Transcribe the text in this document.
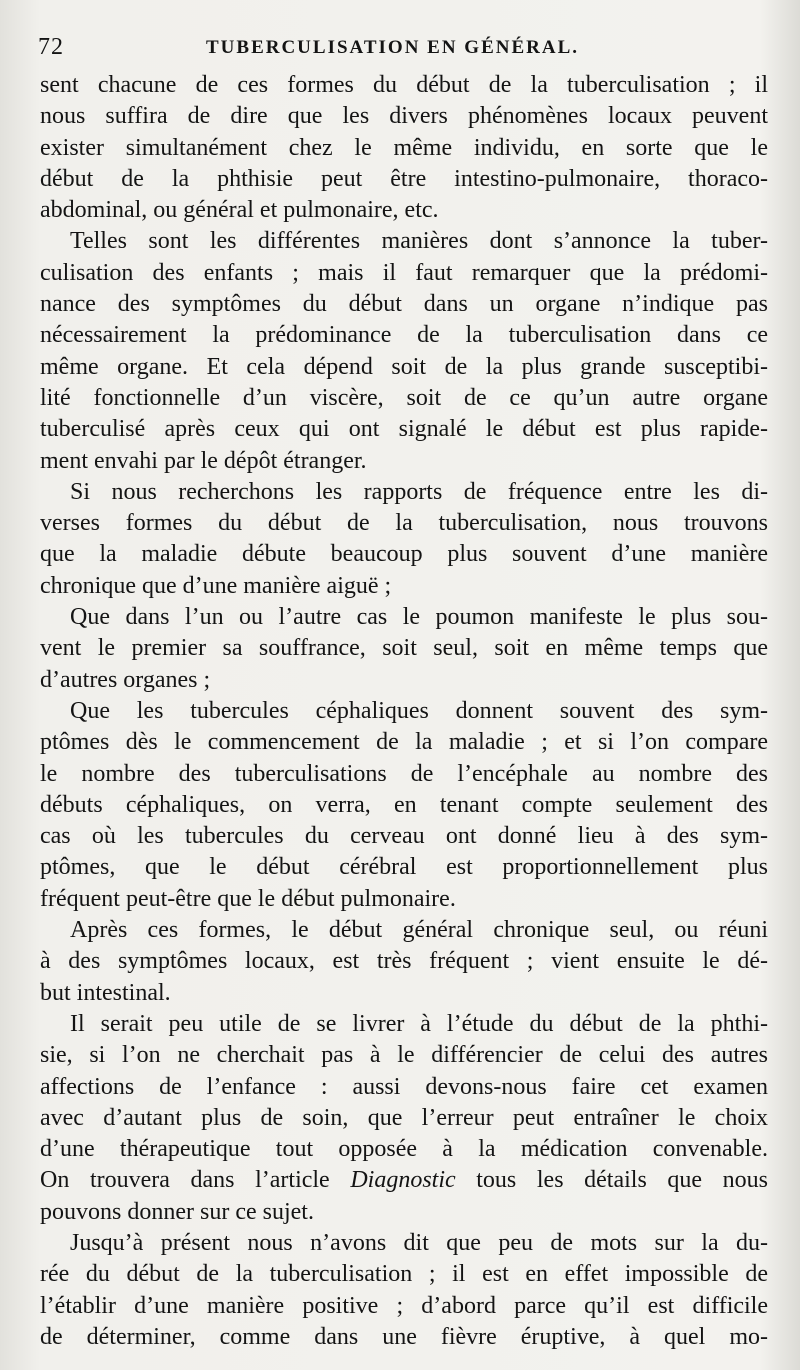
72	TUBERCULISATION EN GÉNÉRAL.
sent chacune de ces formes du début de la tuberculisation ; il
nous suffira de dire que les divers phénomènes locaux peuvent
exister simultanément chez le même individu, en sorte que le
début de la phthisie peut être intestino-pulmonaire, thoraco-
abdominal, ou général et pulmonaire, etc.
Telles sont les différentes manières dont s’annonce la tuber-
culisation des enfants ; mais il faut remarquer que la prédomi-
nance des symptômes du début dans un organe n’indique pas
nécessairement la prédominance de la tuberculisation dans ce
même organe. Et cela dépend soit de la plus grande susceptibi-
lité fonctionnelle d’un viscère, soit de ce qu’un autre organe
tuberculisé après ceux qui ont signalé le début est plus rapide-
ment envahi par le dépôt étranger.
Si nous recherchons les rapports de fréquence entre les di-
verses formes du début de la tuberculisation, nous trouvons
que la maladie débute beaucoup plus souvent d’une manière
chronique que d’une manière aiguë ;
Que dans l’un ou l’autre cas le poumon manifeste le plus sou-
vent le premier sa souffrance, soit seul, soit en même temps que
d’autres organes ;
Que les tubercules céphaliques donnent souvent des sym-
ptômes dès le commencement de la maladie ; et si l’on compare
le nombre des tuberculisations de l’encéphale au nombre des
débuts céphaliques, on verra, en tenant compte seulement des
cas où les tubercules du cerveau ont donné lieu à des sym-
ptômes, que le début cérébral est proportionnellement plus
fréquent peut-être que le début pulmonaire.
Après ces formes, le début général chronique seul, ou réuni
à des symptômes locaux, est très fréquent ; vient ensuite le dé-
but intestinal.
Il serait peu utile de se livrer à l’étude du début de la phthi-
sie, si l’on ne cherchait pas à le différencier de celui des autres
affections de l’enfance : aussi devons-nous faire cet examen
avec d’autant plus de soin, que l’erreur peut entraîner le choix
d’une thérapeutique tout opposée à la médication convenable.
On trouvera dans l’article Diagnostic tous les détails que nous
pouvons donner sur ce sujet.
Jusqu’à présent nous n’avons dit que peu de mots sur la du-
rée du début de la tuberculisation ; il est en effet impossible de
l’établir d’une manière positive ; d’abord parce qu’il est difficile
de déterminer, comme dans une fièvre éruptive, à quel mo-
